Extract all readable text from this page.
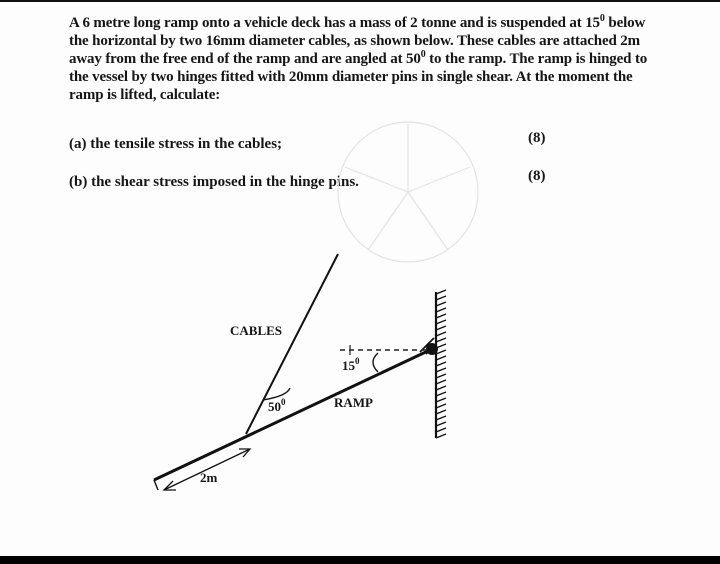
A 6 metre long ramp onto a vehicle deck has a mass of 2 tonne and is suspended at $15^0$ below
the horizontal by two 16mm diameter cables, as shown below. These cables are attached 2m
away from the free end of the ramp and are angled at $50^0$ to the ramp. The ramp is hinged to
the vessel by two hinges fitted with 20mm diameter pins in single shear. At the moment the
ramp is lifted, calculate:
(a) the tensile stress in the cables;	(8)
(b) the shear stress imposed in the hinge pins.	(8)
CABLES
RAMP
$50^0$
$15^0$
2m
